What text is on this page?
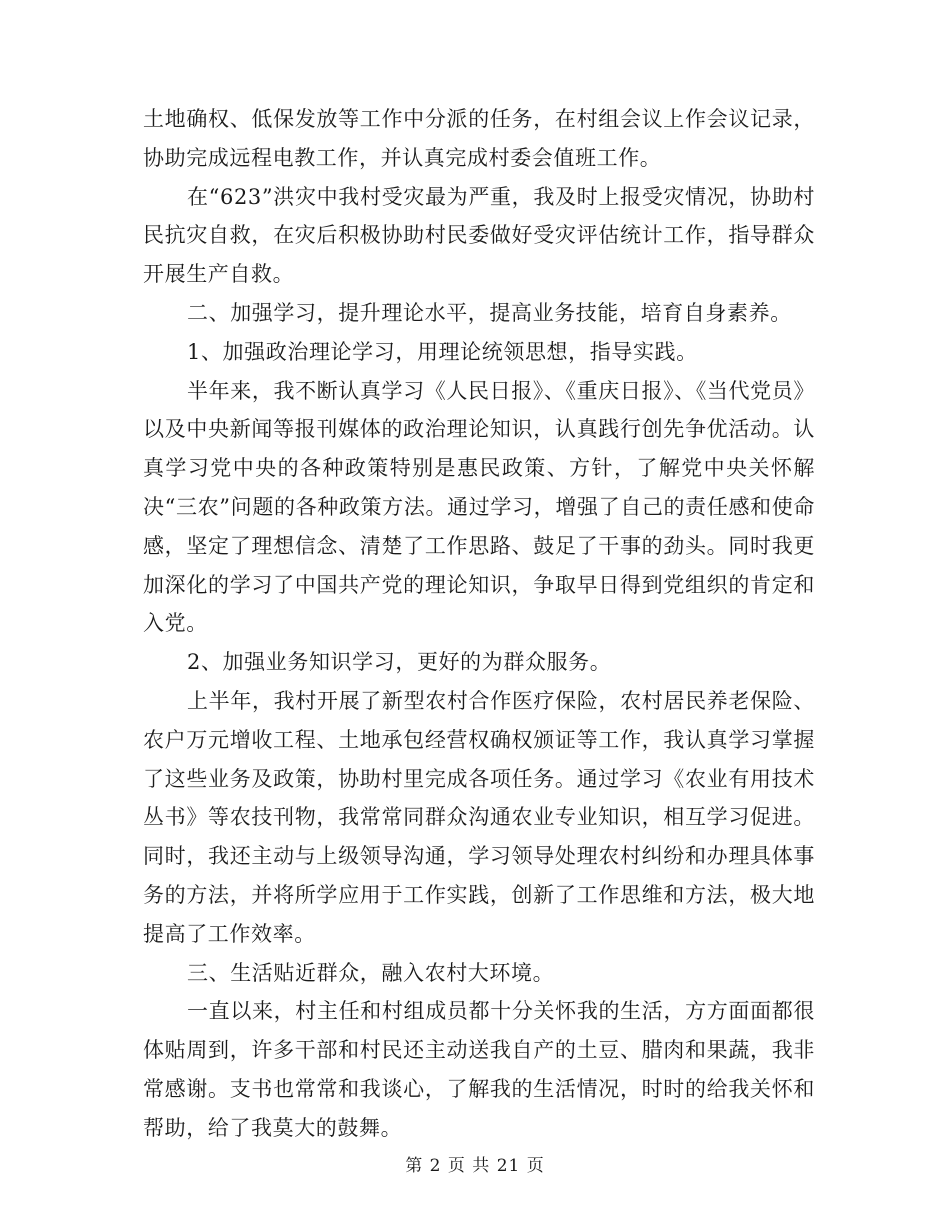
土地确权、低保发放等工作中分派的任务，在村组会议上作会议记录，协助完成远程电教工作，并认真完成村委会值班工作。

在“623”洪灾中我村受灾最为严重，我及时上报受灾情况，协助村民抗灾自救，在灾后积极协助村民委做好受灾评估统计工作，指导群众开展生产自救。

二、加强学习，提升理论水平，提高业务技能，培育自身素养。

1、加强政治理论学习，用理论统领思想，指导实践。

半年来，我不断认真学习《人民日报》、《重庆日报》、《当代党员》以及中央新闻等报刊媒体的政治理论知识，认真践行创先争优活动。认真学习党中央的各种政策特别是惠民政策、方针，了解党中央关怀解决“三农”问题的各种政策方法。通过学习，增强了自己的责任感和使命感，坚定了理想信念、清楚了工作思路、鼓足了干事的劲头。同时我更加深化的学习了中国共产党的理论知识，争取早日得到党组织的肯定和入党。

2、加强业务知识学习，更好的为群众服务。

上半年，我村开展了新型农村合作医疗保险，农村居民养老保险、农户万元增收工程、土地承包经营权确权颁证等工作，我认真学习掌握了这些业务及政策，协助村里完成各项任务。通过学习《农业有用技术丛书》等农技刊物，我常常同群众沟通农业专业知识，相互学习促进。同时，我还主动与上级领导沟通，学习领导处理农村纠纷和办理具体事务的方法，并将所学应用于工作实践，创新了工作思维和方法，极大地提高了工作效率。

三、生活贴近群众，融入农村大环境。

一直以来，村主任和村组成员都十分关怀我的生活，方方面面都很体贴周到，许多干部和村民还主动送我自产的土豆、腊肉和果蔬，我非常感谢。支书也常常和我谈心，了解我的生活情况，时时的给我关怀和帮助，给了我莫大的鼓舞。

第 2 页 共 21 页
